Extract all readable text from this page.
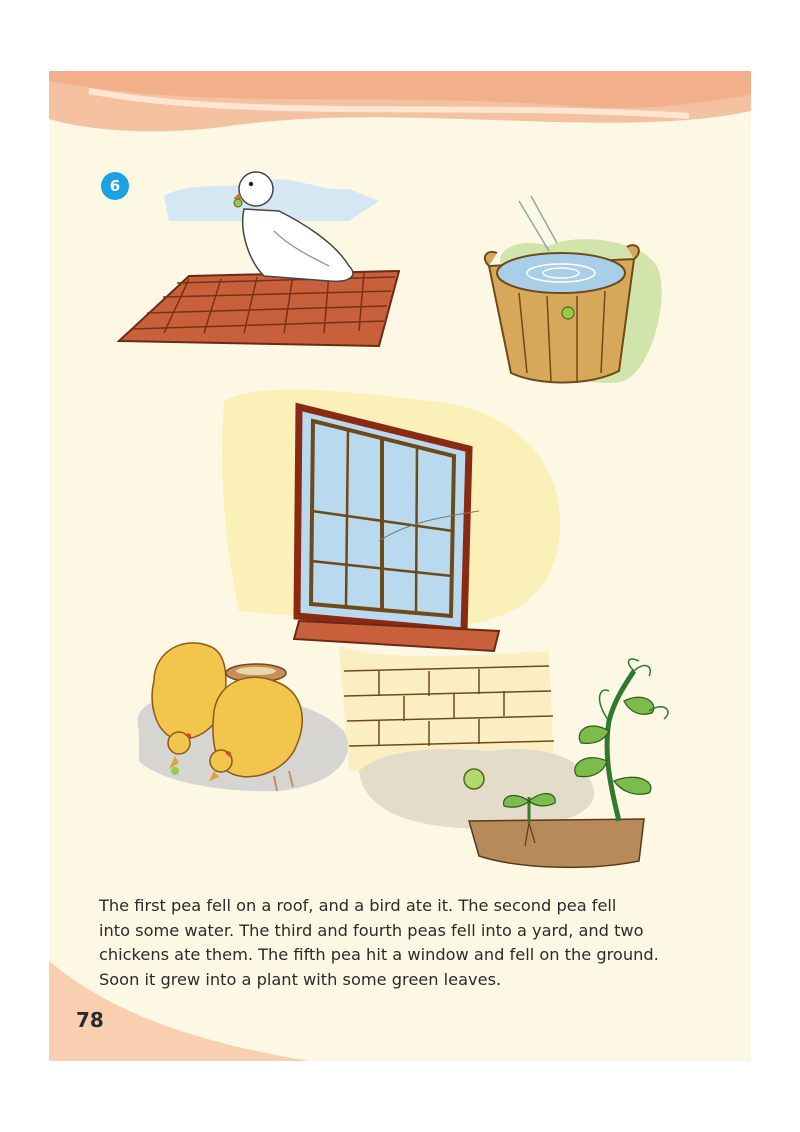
6

The first pea fell on a roof, and a bird ate it. The second pea fell
into some water. The third and fourth peas fell into a yard, and two
chickens ate them. The fifth pea hit a window and fell on the ground.
Soon it grew into a plant with some green leaves.

78
